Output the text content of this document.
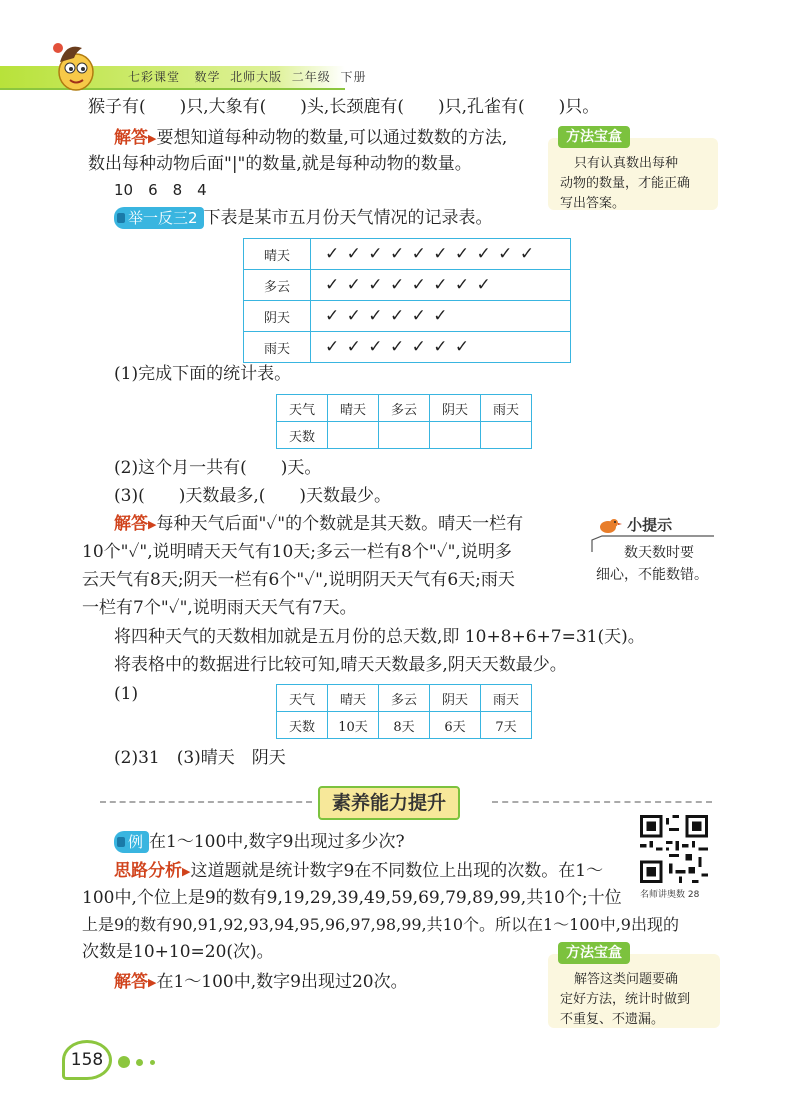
七彩课堂 数学 北师大版 二年级 下册
猴子有(　　)只,大象有(　　)头,长颈鹿有(　　)只,孔雀有(　　)只。
解答▶要想知道每种动物的数量,可以通过数数的方法,
数出每种动物后面"|"的数量,就是每种动物的数量。
10　6　8　4
方法宝盒
只有认真数出每种
动物的数量，才能正确
写出答案。
举一反三2 下表是某市五月份天气情况的记录表。
晴天	✓ ✓ ✓ ✓ ✓ ✓ ✓ ✓ ✓ ✓
多云	✓ ✓ ✓ ✓ ✓ ✓ ✓ ✓
阴天	✓ ✓ ✓ ✓ ✓ ✓
雨天	✓ ✓ ✓ ✓ ✓ ✓ ✓
(1)完成下面的统计表。
天气	晴天	多云	阴天	雨天
天数				
(2)这个月一共有(　　)天。
(3)(　　)天数最多,(　　)天数最少。
小提示
数天数时要
细心，不能数错。
解答▶每种天气后面"✓"的个数就是其天数。晴天一栏有
10个"✓",说明晴天天气有10天;多云一栏有8个"✓",说明多
云天气有8天;阴天一栏有6个"✓",说明阴天天气有6天;雨天
一栏有7个"✓",说明雨天天气有7天。
将四种天气的天数相加就是五月份的总天数,即 10+8+6+7=31(天)。
将表格中的数据进行比较可知,晴天天数最多,阴天天数最少。
(1)	天气	晴天	多云	阴天	雨天
天数	10天	8天	6天	7天
(2)31　(3)晴天　阴天
素养能力提升
例 在1～100中,数字9出现过多少次?
名师讲奥数 28
思路分析▶这道题就是统计数字9在不同数位上出现的次数。在1～
100中,个位上是9的数有9,19,29,39,49,59,69,79,89,99,共10个;十位
上是9的数有90,91,92,93,94,95,96,97,98,99,共10个。所以在1～100中,9出现的
次数是10+10=20(次)。
解答▶在1～100中,数字9出现过20次。
方法宝盒
解答这类问题要确
定好方法，统计时做到
不重复、不遗漏。
158
